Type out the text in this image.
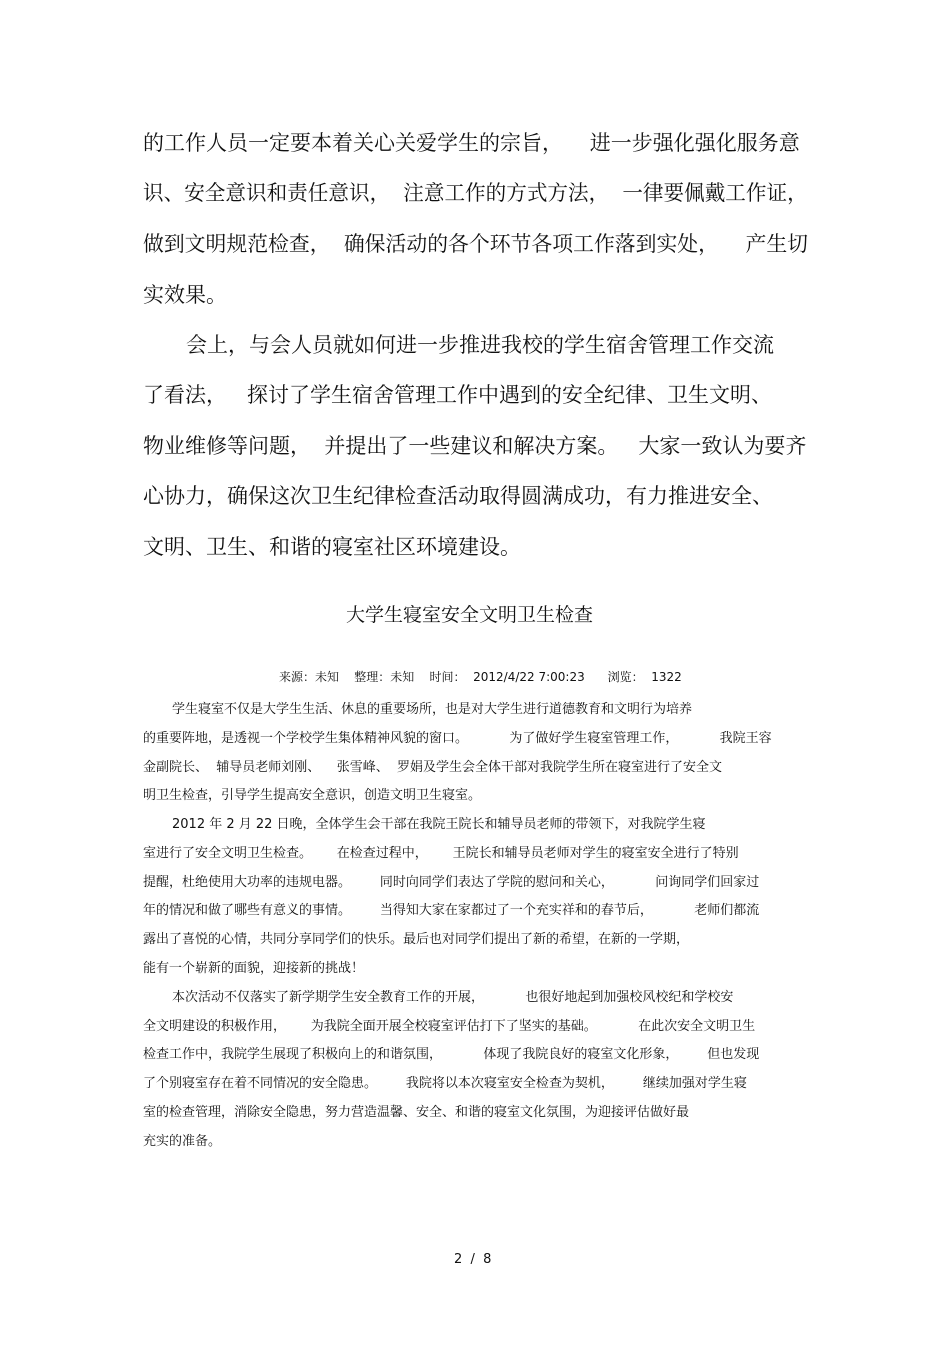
的工作人员一定要本着关心关爱学生的宗旨，    进一步强化强化服务意
识、安全意识和责任意识，  注意工作的方式方法，  一律要佩戴工作证，
做到文明规范检查，  确保活动的各个环节各项工作落到实处，    产生切
实效果。
会上，与会人员就如何进一步推进我校的学生宿舍管理工作交流
了看法，   探讨了学生宿舍管理工作中遇到的安全纪律、卫生文明、
物业维修等问题，  并提出了一些建议和解决方案。   大家一致认为要齐
心协力，确保这次卫生纪律检查活动取得圆满成功，有力推进安全、
文明、卫生、和谐的寝室社区环境建设。
大学生寝室安全文明卫生检查
来源：未知    整理：未知    时间：  2012/4/22 7:00:23      浏览：  1322
学生寝室不仅是大学生生活、休息的重要场所，也是对大学生进行道德教育和文明行为培养
的重要阵地，是透视一个学校学生集体精神风貌的窗口。          为了做好学生寝室管理工作，          我院王容
金副院长、  辅导员老师刘刚、    张雪峰、  罗娟及学生会全体干部对我院学生所在寝室进行了安全文
明卫生检查，引导学生提高安全意识，创造文明卫生寝室。
2012 年 2 月 22 日晚，全体学生会干部在我院王院长和辅导员老师的带领下，对我院学生寝
室进行了安全文明卫生检查。      在检查过程中，      王院长和辅导员老师对学生的寝室安全进行了特别
提醒，杜绝使用大功率的违规电器。       同时向同学们表达了学院的慰问和关心，          问询同学们回家过
年的情况和做了哪些有意义的事情。       当得知大家在家都过了一个充实祥和的春节后，          老师们都流
露出了喜悦的心情，共同分享同学们的快乐。最后也对同学们提出了新的希望，在新的一学期，
能有一个崭新的面貌，迎接新的挑战！
本次活动不仅落实了新学期学生安全教育工作的开展，          也很好地起到加强校风校纪和学校安
全文明建设的积极作用，      为我院全面开展全校寝室评估打下了坚实的基础。          在此次安全文明卫生
检查工作中，我院学生展现了积极向上的和谐氛围，          体现了我院良好的寝室文化形象，       但也发现
了个别寝室存在着不同情况的安全隐患。       我院将以本次寝室安全检查为契机，       继续加强对学生寝
室的检查管理，消除安全隐患，努力营造温馨、安全、和谐的寝室文化氛围，为迎接评估做好最
充实的准备。
2  /  8
